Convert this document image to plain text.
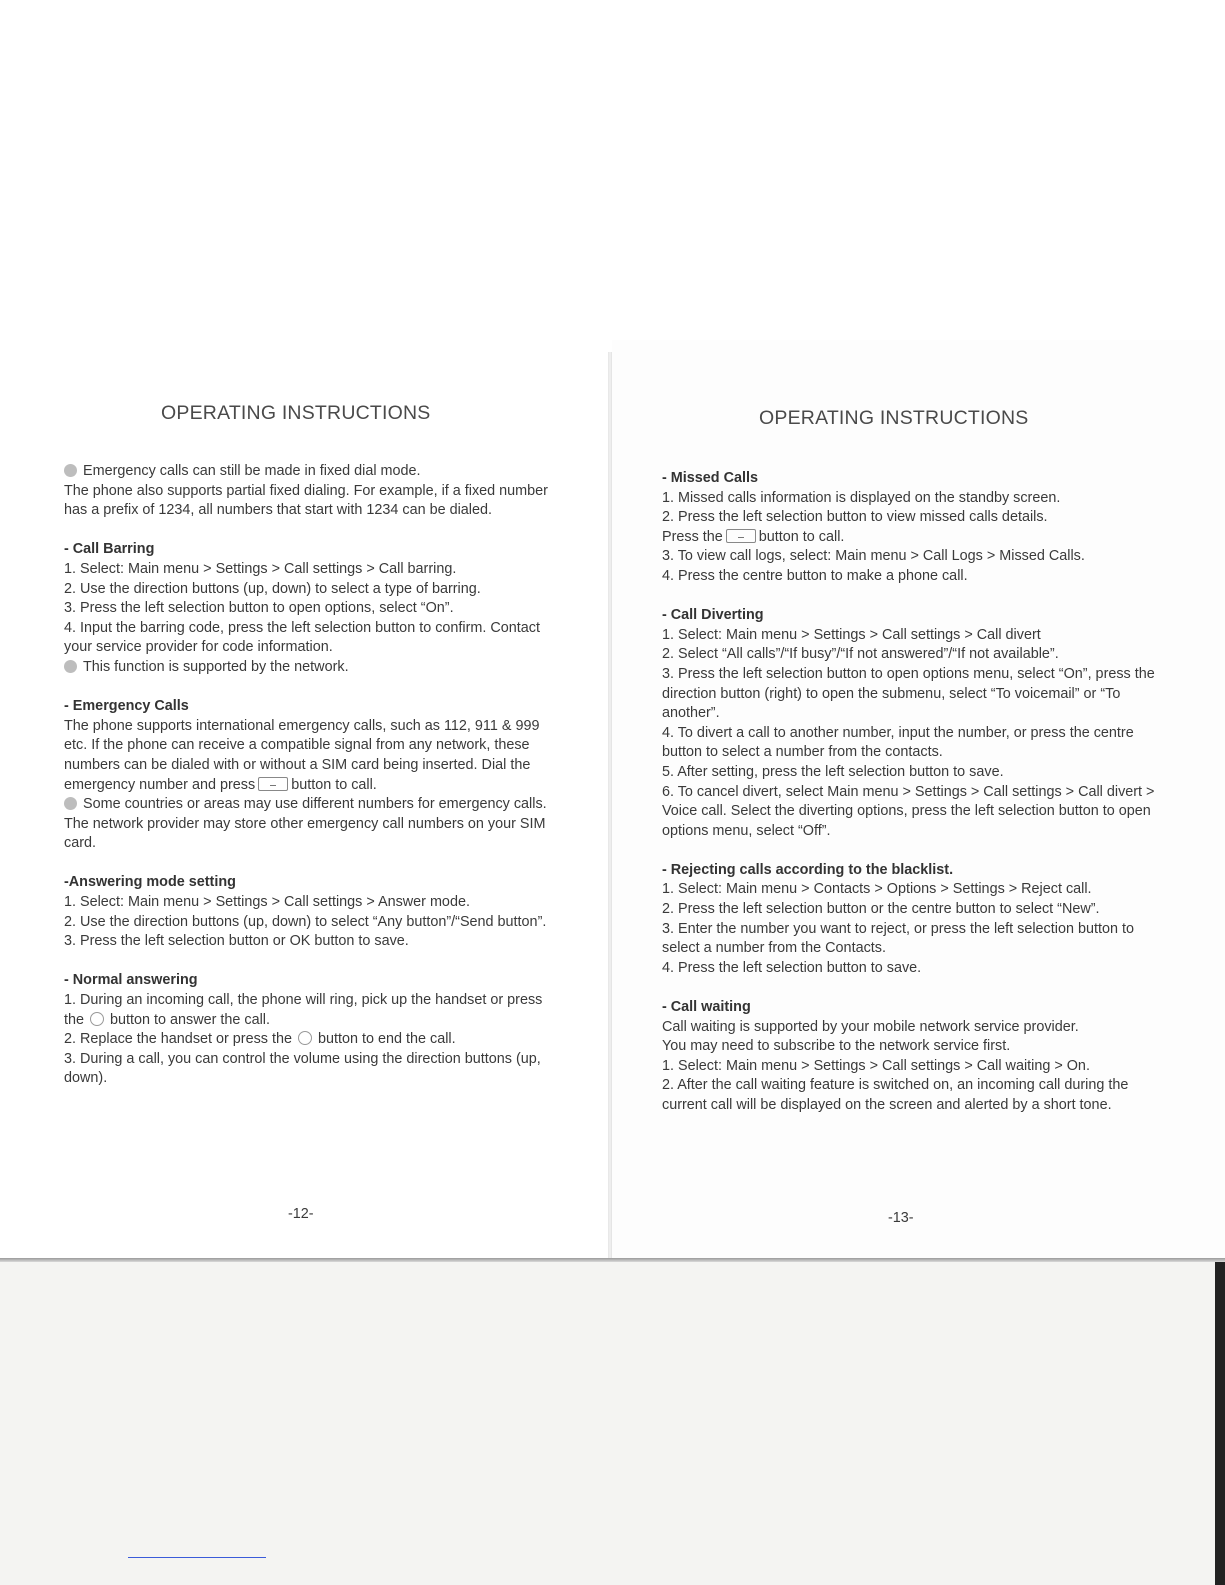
OPERATING INSTRUCTIONS

Emergency calls can still be made in fixed dial mode.

The phone also supports partial fixed dialing. For example, if a fixed number has a prefix of 1234, all numbers that start with 1234 can be dialed.

- Call Barring

1. Select: Main menu > Settings > Call settings > Call barring.

2. Use the direction buttons (up, down) to select a type of barring.

3. Press the left selection button to open options, select “On”.

4. Input the barring code, press the left selection button to confirm. Contact your service provider for code information.

This function is supported by the network.

- Emergency Calls

The phone supports international emergency calls, such as 112, 911 & 999 etc. If the phone can receive a compatible signal from any network, these numbers can be dialed with or without a SIM card being inserted. Dial the emergency number and press	button to call.

Some countries or areas may use different numbers for emergency calls. The network provider may store other emergency call numbers on your SIM card.

-Answering mode setting

1. Select: Main menu > Settings > Call settings > Answer mode.

2. Use the direction buttons (up, down) to select “Any button”/“Send button”.

3. Press the left selection button or OK button to save.

- Normal answering

1. During an incoming call, the phone will ring, pick up the handset or press the button to answer the call.

2. Replace the handset or press the button to end the call.

3. During a call, you can control the volume using the direction buttons (up, down).

-12-
OPERATING INSTRUCTIONS

- Missed Calls

1. Missed calls information is displayed on the standby screen.

2. Press the left selection button to view missed calls details.

Press the	button to call.

3. To view call logs, select: Main menu > Call Logs > Missed Calls.

4. Press the centre button to make a phone call.

- Call Diverting

1. Select: Main menu > Settings > Call settings > Call divert

2. Select “All calls”/“If busy”/“If not answered”/“If not available”.

3. Press the left selection button to open options menu, select “On”, press the direction button (right) to open the submenu, select “To voicemail” or “To another”.

4. To divert a call to another number, input the number, or press the centre button to select a number from the contacts.

5. After setting, press the left selection button to save.

6. To cancel divert, select Main menu > Settings > Call settings > Call divert > Voice call. Select the diverting options, press the left selection button to open options menu, select “Off”.

- Rejecting calls according to the blacklist.

1. Select: Main menu > Contacts > Options > Settings > Reject call.

2. Press the left selection button or the centre button to select “New”.

3. Enter the number you want to reject, or press the left selection button to select a number from the Contacts.

4. Press the left selection button to save.

- Call waiting

Call waiting is supported by your mobile network service provider.

You may need to subscribe to the network service first.

1. Select: Main menu > Settings > Call settings > Call waiting > On.

2. After the call waiting feature is switched on, an incoming call during the current call will be displayed on the screen and alerted by a short tone.

-13-
